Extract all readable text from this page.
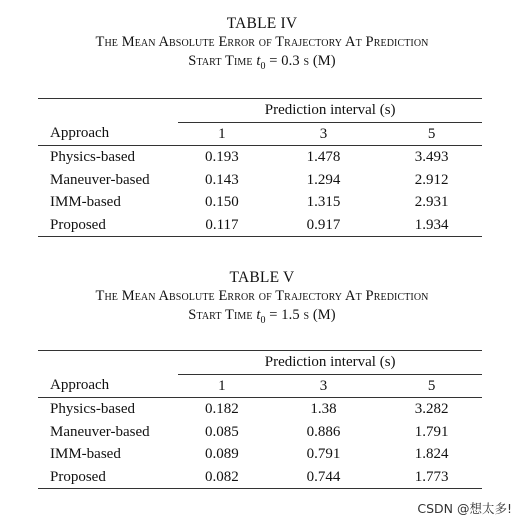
TABLE IV
The Mean Absolute Error of Trajectory At Prediction
Start Time $t_0 = 0.3$ s (M)
	Prediction interval (s)		
Approach	1	3	5
Physics-based	0.193	1.478	3.493
Maneuver-based	0.143	1.294	2.912
IMM-based	0.150	1.315	2.931
Proposed	0.117	0.917	1.934
TABLE V
The Mean Absolute Error of Trajectory At Prediction
Start Time $t_0 = 1.5$ s (M)
	Prediction interval (s)		
Approach	1	3	5
Physics-based	0.182	1.38	3.282
Maneuver-based	0.085	0.886	1.791
IMM-based	0.089	0.791	1.824
Proposed	0.082	0.744	1.773
CSDN @想太多!
